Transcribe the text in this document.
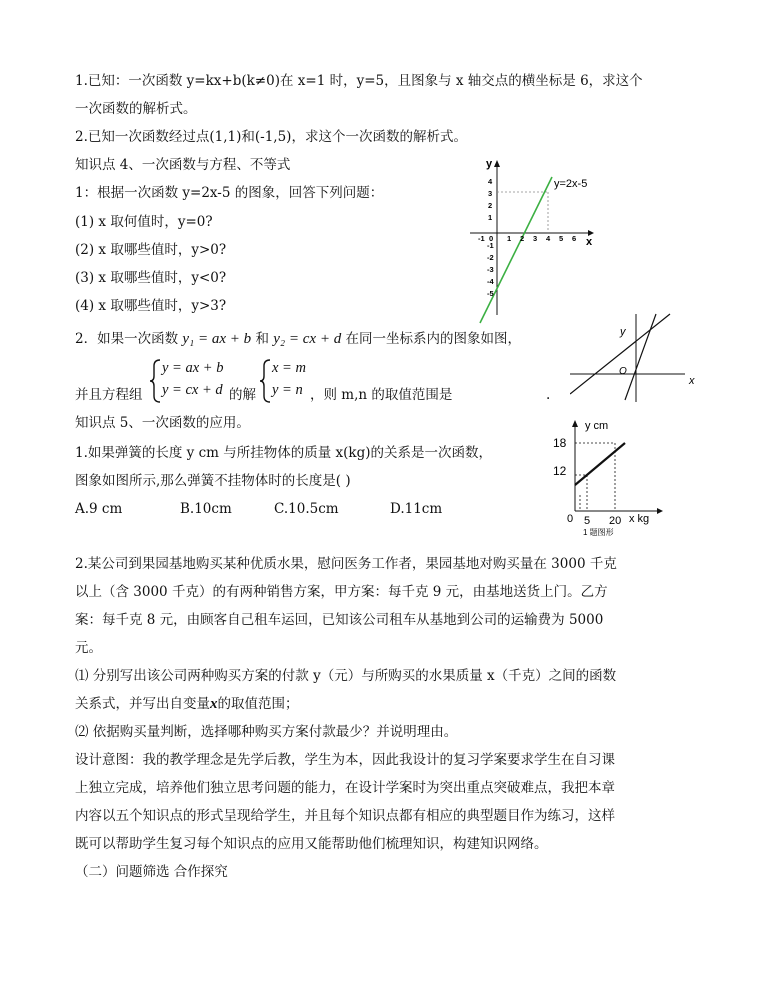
1.已知：一次函数 y=kx+b(k≠0)在 x=1 时，y=5，且图象与 x 轴交点的横坐标是 6，求这个
一次函数的解析式。
2.已知一次函数经过点(1,1)和(-1,5)，求这个一次函数的解析式。
知识点 4、一次函数与方程、不等式
1：根据一次函数 y=2x-5 的图象，回答下列问题：
(1) x 取何值时，y=0?
(2) x 取哪些值时，y>0?
(3) x 取哪些值时，y<0?
(4) x 取哪些值时，y>3?
2．如果一次函数 y₁ = ax + b 和 y₂ = cx + d 在同一坐标系内的图象如图，
并且方程组
y = ax + b
y = cx + d 的解
x = m
y = n ，则 m,n 的取值范围是	.
知识点 5、一次函数的应用。
1.如果弹簧的长度 y cm 与所挂物体的质量 x(kg)的关系是一次函数，
图象如图所示,那么弹簧不挂物体时的长度是( )
A.9 cm	B.10cm	C.10.5cm	D.11cm
2.某公司到果园基地购买某种优质水果，慰问医务工作者，果园基地对购买量在 3000 千克
以上（含 3000 千克）的有两种销售方案，甲方案：每千克 9 元，由基地送货上门。乙方
案：每千克 8 元，由顾客自己租车运回，已知该公司租车从基地到公司的运输费为 5000
元。
⑴ 分别写出该公司两种购买方案的付款 y（元）与所购买的水果质量 x（千克）之间的函数
关系式，并写出自变量x的取值范围；
⑵ 依据购买量判断，选择哪种购买方案付款最少？并说明理由。
设计意图：我的教学理念是先学后教，学生为本，因此我设计的复习学案要求学生在自习课
上独立完成，培养他们独立思考问题的能力，在设计学案时为突出重点突破难点，我把本章
内容以五个知识点的形式呈现给学生，并且每个知识点都有相应的典型题目作为练习，这样
既可以帮助学生复习每个知识点的应用又能帮助他们梳理知识，构建知识网络。
（二）问题筛选 合作探究
y
x
y=2x-5
-1 0 1 2 3 4 5 6
4
3
2
1
-1
-2
-3
-4
-5
y
x
O
y cm
x kg
18
12
0 5 20
1 题图形
